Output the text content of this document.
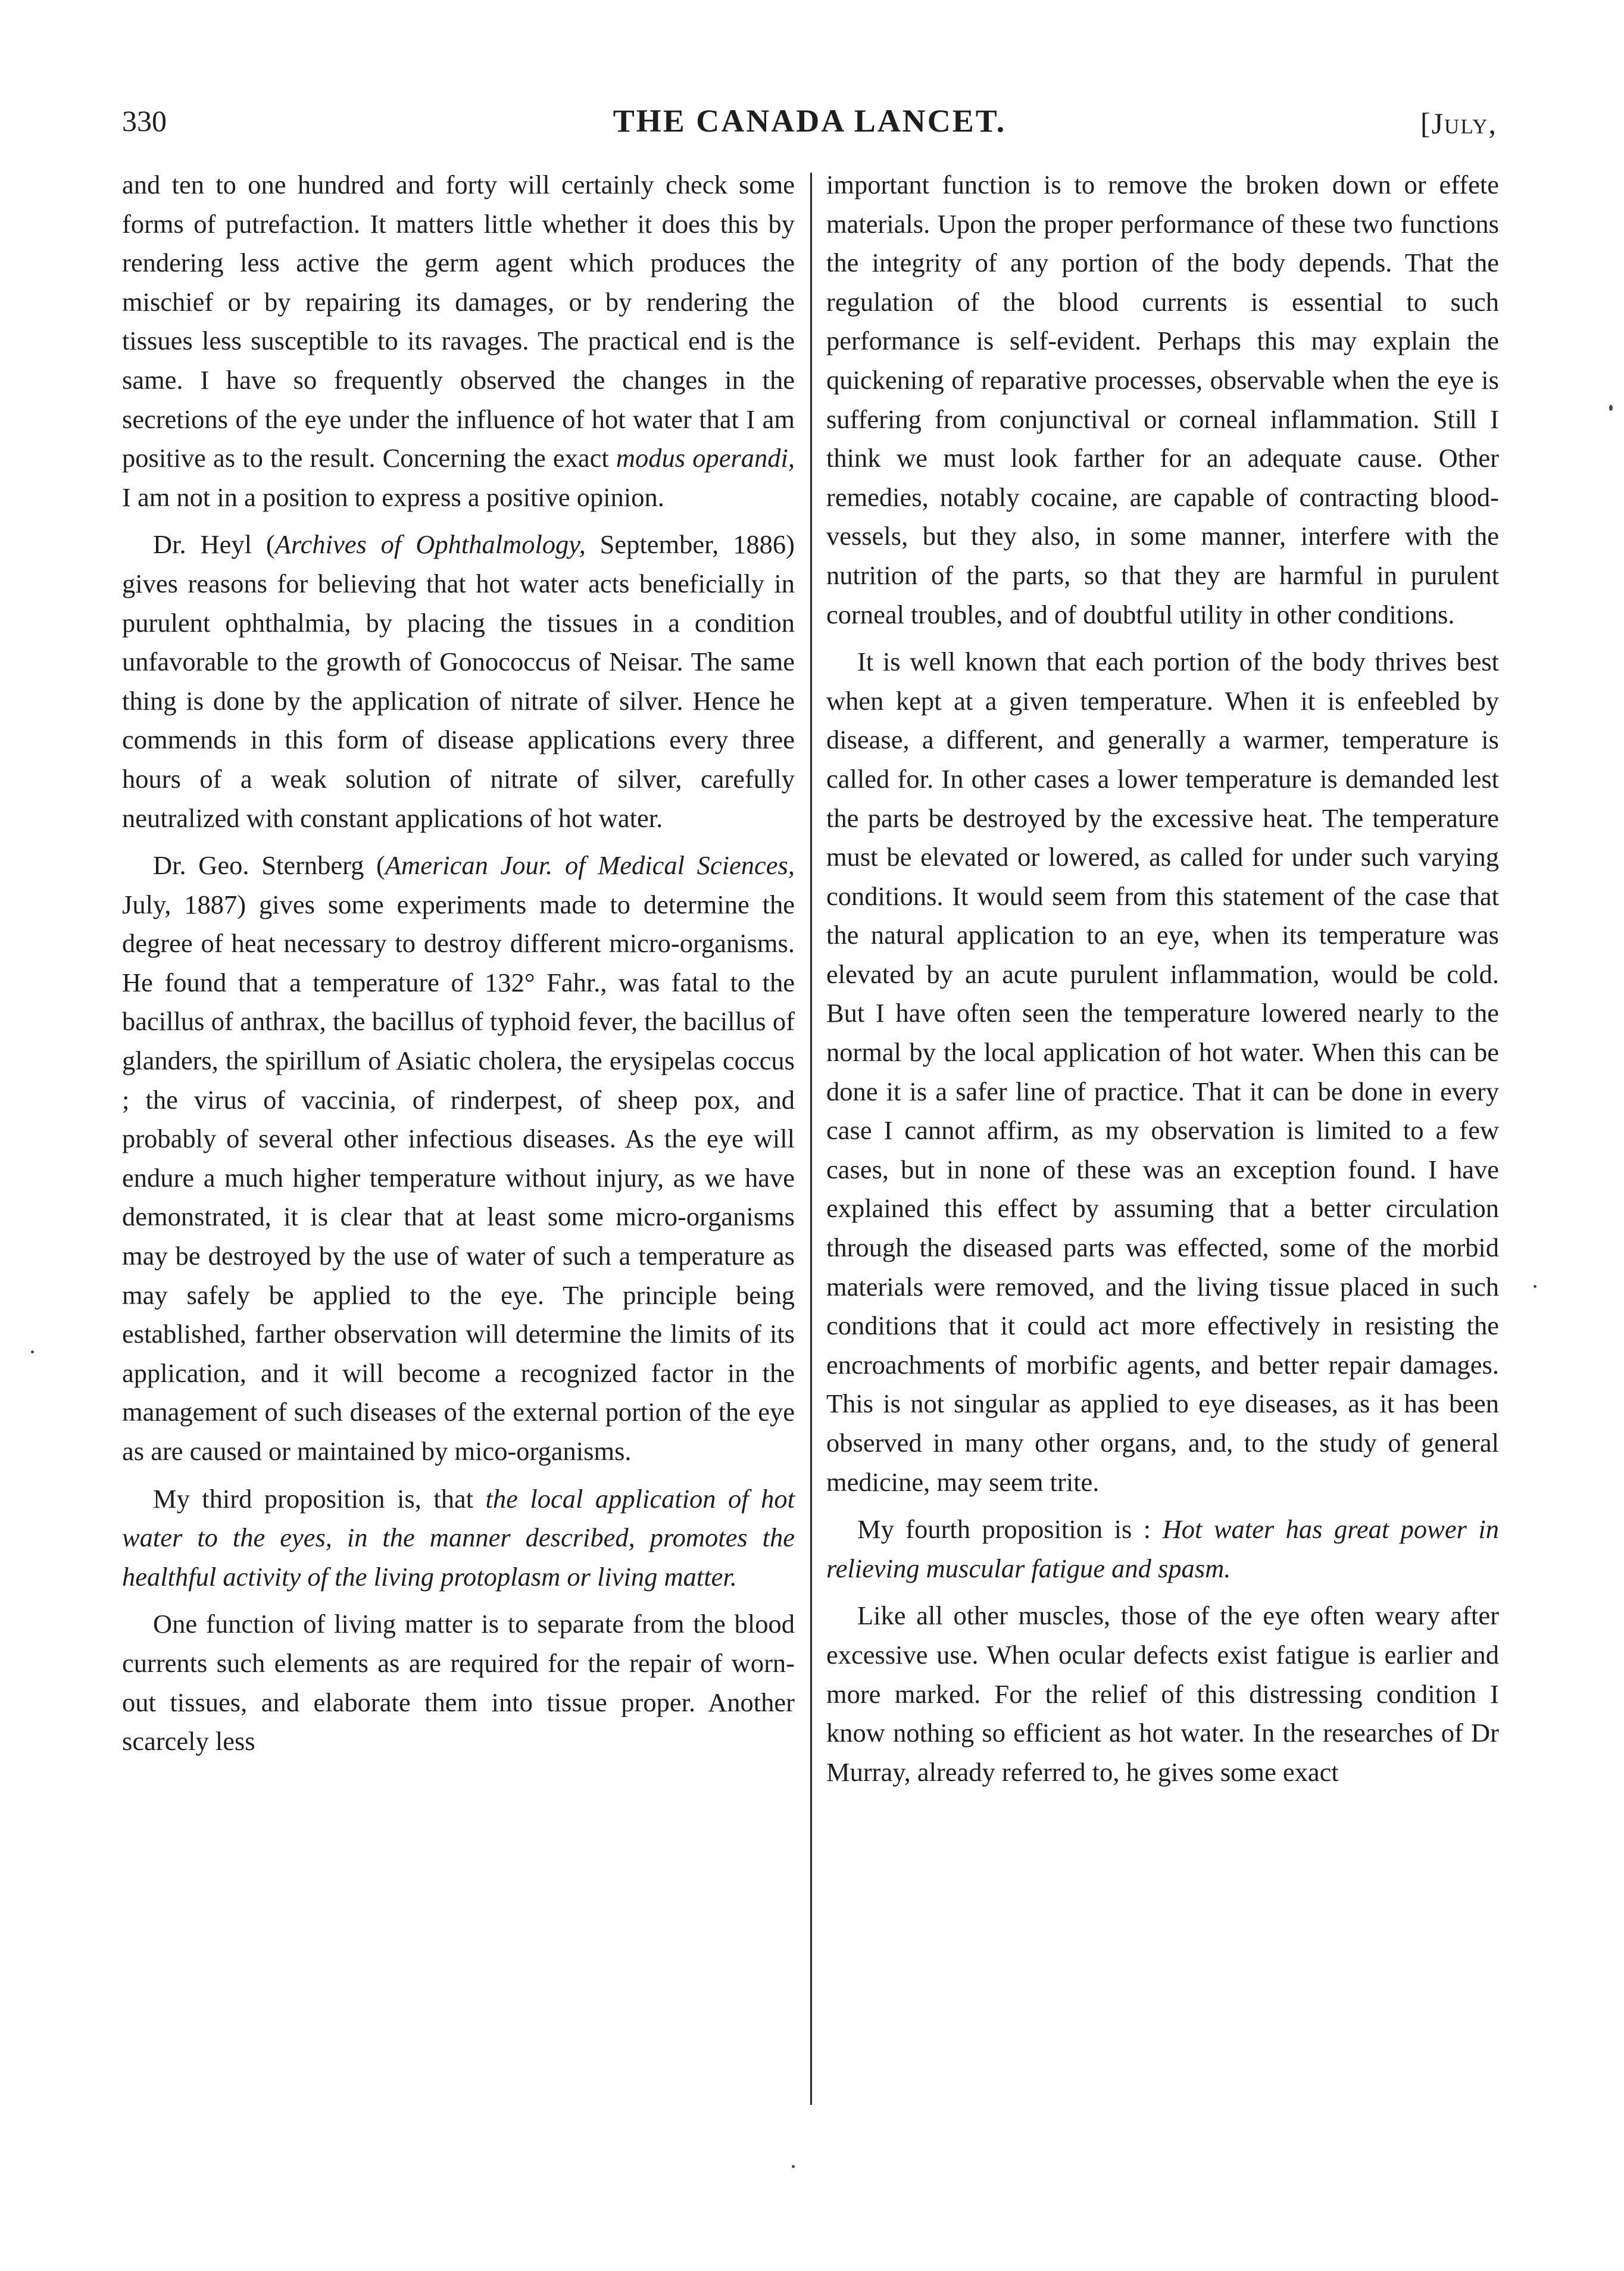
330	THE CANADA LANCET.	[July,

and ten to one hundred and forty will certainly check some forms of putrefaction. It matters little whether it does this by rendering less active the germ agent which produces the mischief or by repairing its damages, or by rendering the tissues less susceptible to its ravages. The practical end is the same. I have so frequently observed the changes in the secretions of the eye under the influence of hot water that I am positive as to the result. Concerning the exact modus operandi, I am not in a position to express a positive opinion.

Dr. Heyl (Archives of Ophthalmology, September, 1886) gives reasons for believing that hot water acts beneficially in purulent ophthalmia, by placing the tissues in a condition unfavorable to the growth of Gonococcus of Neisar. The same thing is done by the application of nitrate of silver. Hence he commends in this form of disease applications every three hours of a weak solution of nitrate of silver, carefully neutralized with constant applications of hot water.

Dr. Geo. Sternberg (American Jour. of Medical Sciences, July, 1887) gives some experiments made to determine the degree of heat necessary to destroy different micro-organisms. He found that a temperature of 132° Fahr., was fatal to the bacillus of anthrax, the bacillus of typhoid fever, the bacillus of glanders, the spirillum of Asiatic cholera, the erysipelas coccus ; the virus of vaccinia, of rinderpest, of sheep pox, and probably of several other infectious diseases. As the eye will endure a much higher temperature without injury, as we have demonstrated, it is clear that at least some micro-organisms may be destroyed by the use of water of such a temperature as may safely be applied to the eye. The principle being established, farther observation will determine the limits of its application, and it will become a recognized factor in the management of such diseases of the external portion of the eye as are caused or maintained by mico-organisms.

My third proposition is, that the local application of hot water to the eyes, in the manner described, promotes the healthful activity of the living protoplasm or living matter.

One function of living matter is to separate from the blood currents such elements as are required for the repair of worn-out tissues, and elaborate them into tissue proper. Another scarcely less

important function is to remove the broken down or effete materials. Upon the proper performance of these two functions the integrity of any portion of the body depends. That the regulation of the blood currents is essential to such performance is self-evident. Perhaps this may explain the quickening of reparative processes, observable when the eye is suffering from conjunctival or corneal inflammation. Still I think we must look farther for an adequate cause. Other remedies, notably cocaine, are capable of contracting blood-vessels, but they also, in some manner, interfere with the nutrition of the parts, so that they are harmful in purulent corneal troubles, and of doubtful utility in other conditions.

It is well known that each portion of the body thrives best when kept at a given temperature. When it is enfeebled by disease, a different, and generally a warmer, temperature is called for. In other cases a lower temperature is demanded lest the parts be destroyed by the excessive heat. The temperature must be elevated or lowered, as called for under such varying conditions. It would seem from this statement of the case that the natural application to an eye, when its temperature was elevated by an acute purulent inflammation, would be cold. But I have often seen the temperature lowered nearly to the normal by the local application of hot water. When this can be done it is a safer line of practice. That it can be done in every case I cannot affirm, as my observation is limited to a few cases, but in none of these was an exception found. I have explained this effect by assuming that a better circulation through the diseased parts was effected, some of the morbid materials were removed, and the living tissue placed in such conditions that it could act more effectively in resisting the encroachments of morbific agents, and better repair damages. This is not singular as applied to eye diseases, as it has been observed in many other organs, and, to the study of general medicine, may seem trite.

My fourth proposition is : Hot water has great power in relieving muscular fatigue and spasm.

Like all other muscles, those of the eye often weary after excessive use. When ocular defects exist fatigue is earlier and more marked. For the relief of this distressing condition I know nothing so efficient as hot water. In the researches of Dr Murray, already referred to, he gives some exact
